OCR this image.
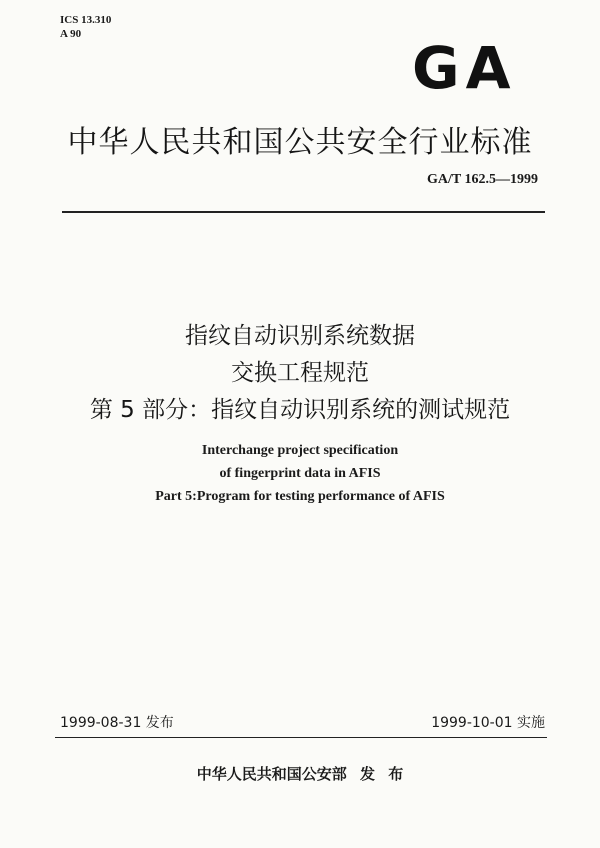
ICS 13.310
A 90	GA
中华人民共和国公共安全行业标准
GA/T 162.5—1999
指纹自动识别系统数据
交换工程规范
第 5 部分：指纹自动识别系统的测试规范
Interchange project specification
of fingerprint data in AFIS
Part 5:Program for testing performance of AFIS
1999-08-31 发布	1999-10-01 实施
中华人民共和国公安部 发 布
